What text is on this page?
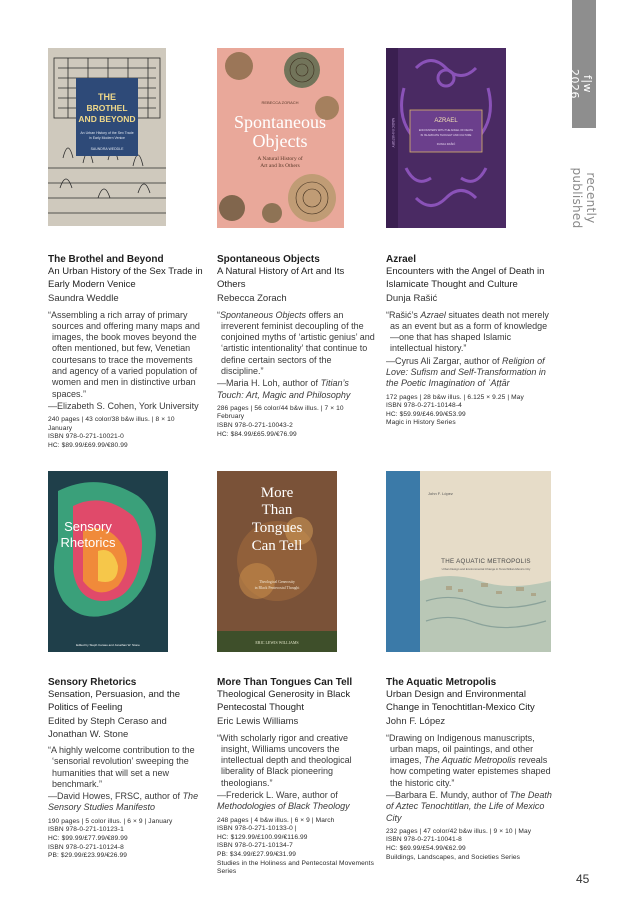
f|w 2026
recently published
THE
BROTHEL
AND BEYOND
An Urban History of the Sex Trade
in Early Modern Venice
SAUNDRA WEDDLE
REBECCA ZORACH
Spontaneous
Objects
A Natural History of
Art and Its Others
MAGIC IN HISTORY	AZRAEL
ENCOUNTERS WITH THE ANGEL OF DEATH
IN ISLAMICATE THOUGHT AND CULTURE
DUNJA RAŠIĆ
The Brothel and Beyond
An Urban History of the Sex Trade in Early Modern Venice
Saundra Weddle
“Assembling a rich array of primary sources and offering many maps and images, the book moves beyond the often mentioned, but few, Venetian courtesans to trace the movements and agency of a varied population of women and men in distinctive urban spaces.”
—Elizabeth S. Cohen, York University
240 pages | 43 color/38 b&w illus. | 8 × 10
January
ISBN 978-0-271-10021-0
HC: $89.99/£69.99/€80.99
Spontaneous Objects
A Natural History of Art and Its Others
Rebecca Zorach
“Spontaneous Objects offers an irreverent feminist decoupling of the conjoined myths of ‘artistic genius’ and ‘artistic intentionality’ that continue to define certain sectors of the discipline.”
—Maria H. Loh, author of Titian’s Touch: Art, Magic and Philosophy
286 pages | 56 color/44 b&w illus. | 7 × 10
February
ISBN 978-0-271-10043-2
HC: $84.99/£65.99/€76.99
Azrael
Encounters with the Angel of Death in Islamicate Thought and Culture
Dunja Rašić
“Rašić’s Azrael situates death not merely as an event but as a form of knowledge—one that has shaped Islamic intellectual history.”
—Cyrus Ali Zargar, author of Religion of Love: Sufism and Self-Transformation in the Poetic Imagination of ʿAṭṭār
172 pages | 28 b&w illus. | 6.125 × 9.25 | May
ISBN 978-0-271-10148-4
HC: $59.99/£46.99/€53.99
Magic in History Series
Sensory
Rhetorics
Edited by Steph Ceraso and Jonathan W. Stone
More
Than
Tongues
Can Tell
Theological Generosity
in Black Pentecostal Thought
ERIC LEWIS WILLIAMS
John F. López
THE AQUATIC METROPOLIS
Urban Design and Environmental Change in Tenochtitlan-Mexico City
Sensory Rhetorics
Sensation, Persuasion, and the Politics of Feeling
Edited by Steph Ceraso and Jonathan W. Stone
“A highly welcome contribution to the ‘sensorial revolution’ sweeping the humanities that will set a new benchmark.”
—David Howes, FRSC, author of The Sensory Studies Manifesto
190 pages | 5 color illus. | 6 × 9 | January
ISBN 978-0-271-10123-1
HC: $99.99/£77.99/€89.99
ISBN 978-0-271-10124-8
PB: $29.99/£23.99/€26.99
More Than Tongues Can Tell
Theological Generosity in Black Pentecostal Thought
Eric Lewis Williams
“With scholarly rigor and creative insight, Williams uncovers the intellectual depth and theological liberality of Black pioneering theologians.”
—Frederick L. Ware, author of Methodologies of Black Theology
248 pages | 4 b&w illus. | 6 × 9 | March
ISBN 978-0-271-10133-0 |
HC: $129.99/£100.99/€116.99
ISBN 978-0-271-10134-7
PB: $34.99/£27.99/€31.99
Studies in the Holiness and Pentecostal Movements Series
The Aquatic Metropolis
Urban Design and Environmental Change in Tenochtitlan-Mexico City
John F. López
“Drawing on Indigenous manuscripts, urban maps, oil paintings, and other images, The Aquatic Metropolis reveals how competing water epistemes shaped the historic city.”
—Barbara E. Mundy, author of The Death of Aztec Tenochtitlan, the Life of Mexico City
232 pages | 47 color/42 b&w illus. | 9 × 10 | May
ISBN 978-0-271-10041-8
HC: $69.99/£54.99/€62.99
Buildings, Landscapes, and Societies Series
45
